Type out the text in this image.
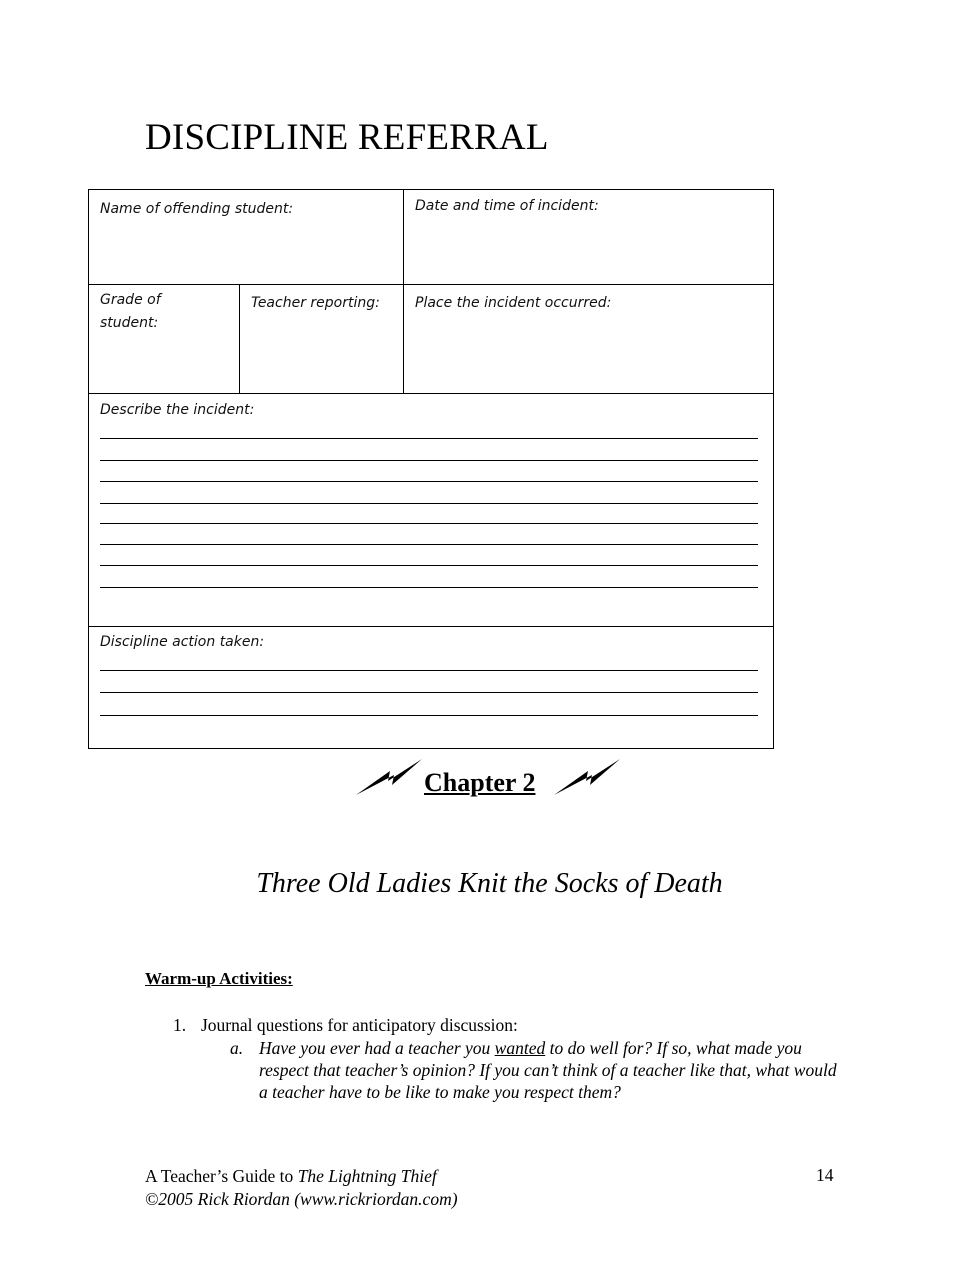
DISCIPLINE REFERRAL
Name of offending student:	Date and time of incident:
Grade of
student:
Teacher reporting:	Place the incident occurred:
Describe the incident:
Discipline action taken:
Chapter 2
Three Old Ladies Knit the Socks of Death
Warm-up Activities:
1. Journal questions for anticipatory discussion:
a. Have you ever had a teacher you wanted to do well for? If so, what made you respect that teacher’s opinion? If you can’t think of a teacher like that, what would a teacher have to be like to make you respect them?
A Teacher’s Guide to The Lightning Thief
©2005 Rick Riordan (www.rickriordan.com)
14
